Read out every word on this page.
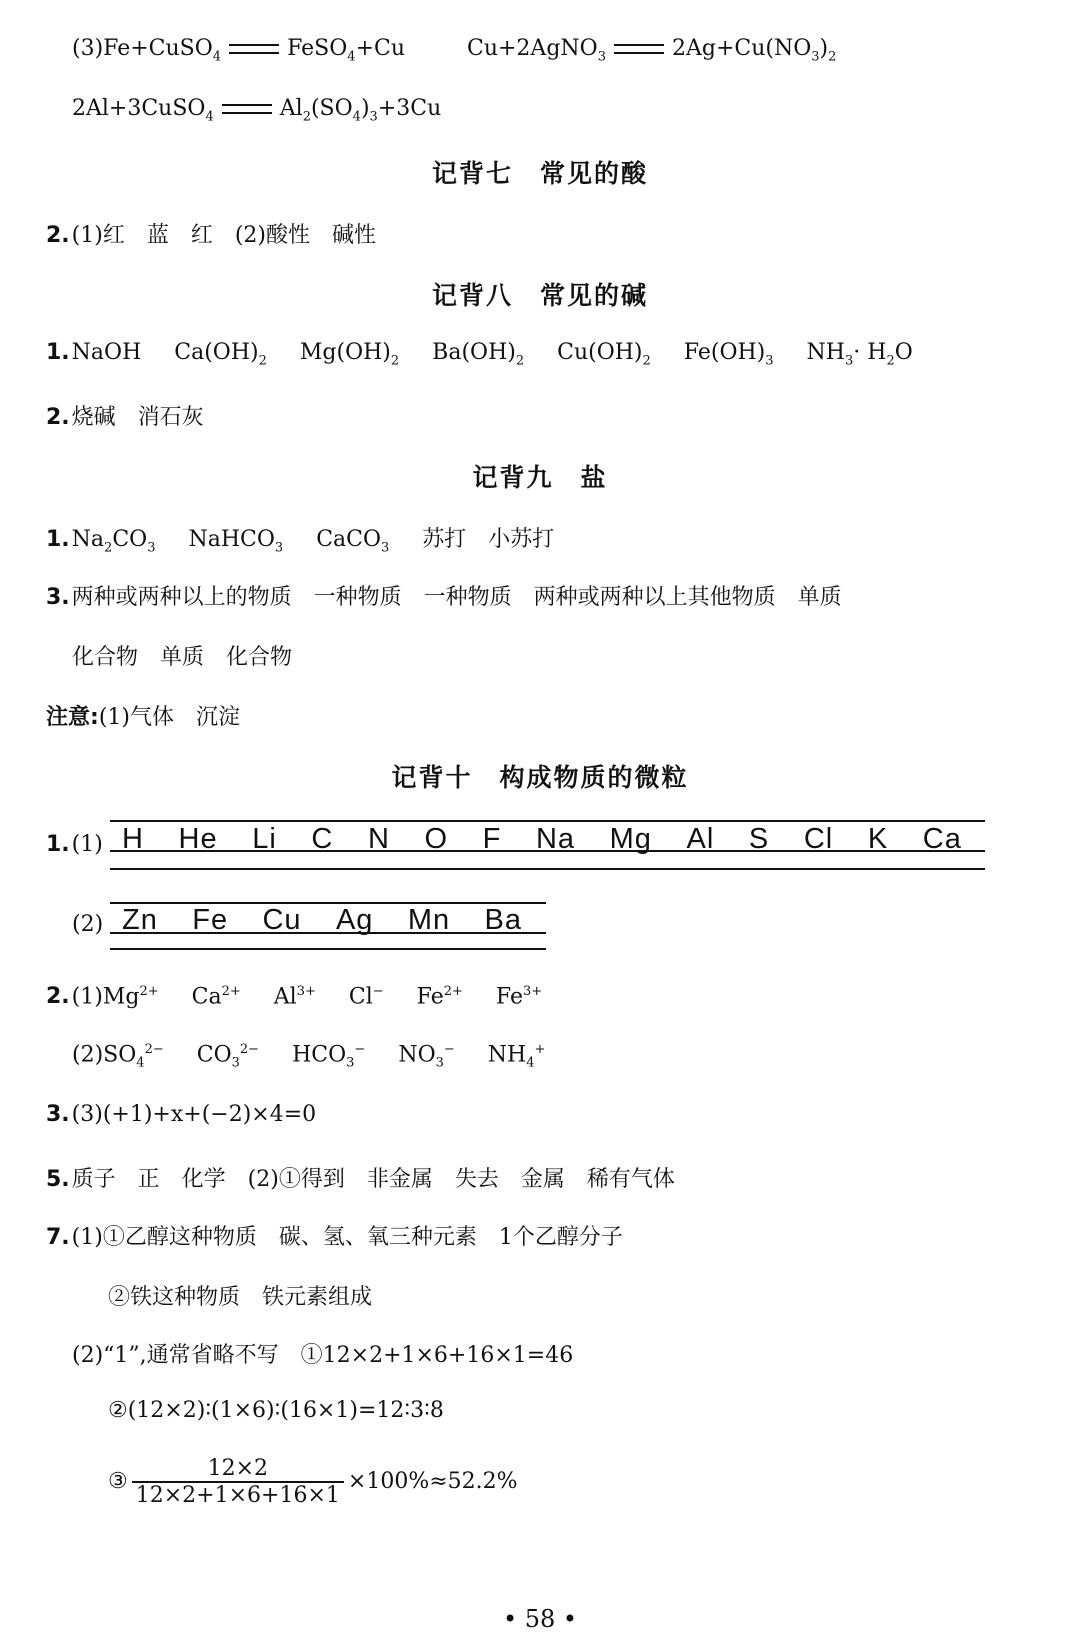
(3)Fe+CuSO$_4$	FeSO$_4$+Cu	Cu+2AgNO$_3$	$2Ag+Cu(NO_3)_2$
2Al+3CuSO$_4$	$Al_2(SO_4)_3+3Cu$
记背七　常见的酸
2.(1)红　蓝　红　(2)酸性　碱性
记背八　常见的碱
1.NaOH $Ca(OH)_2$ $Mg(OH)_2$ $Ba(OH)_2$ $Cu(OH)_2$ $Fe(OH)_3$ $NH_3\cdot H_2O$
2.烧碱　消石灰
记背九　盐
$1.Na_2CO_3$ NaHCO$_3$ CaCO$_3$ 苏打　小苏打
3.两种或两种以上的物质　一种物质　一种物质　两种或两种以上其他物质　单质
化合物　单质　化合物
注意:(1)气体　沉淀
记背十　构成物质的微粒
1.(1) H He Li C N O F Na Mg Al S Cl K Ca
(2) Zn Fe Cu Ag Mn Ba
$2.(1)Mg^{2+}$ $Ca^{2+}$ $Al^{3+}$ Cl− $Fe^{2+}$ $Fe^{3+}$
$(2)SO_4^{2-}$ $CO_3^{2-}$ $HCO_3^-$ $NO_3^-$ $NH_4^+$
3.(3)(+1)+x+(−2)×4=0
5.质子　正　化学　(2)①得到　非金属　失去　金属　稀有气体
7.(1)①乙醇这种物质　碳、氢、氧三种元素　1个乙醇分子
②铁这种物质　铁元素组成
(2)“1”,通常省略不写　①12×2+1×6+16×1=46
②(12×2)∶(1×6)∶(16×1)=12∶3∶8
③ $\frac{12\times 2}{12\times 2+1\times 6+16\times 1} \times 100\%\approx 52.2\%$
• 58 •
